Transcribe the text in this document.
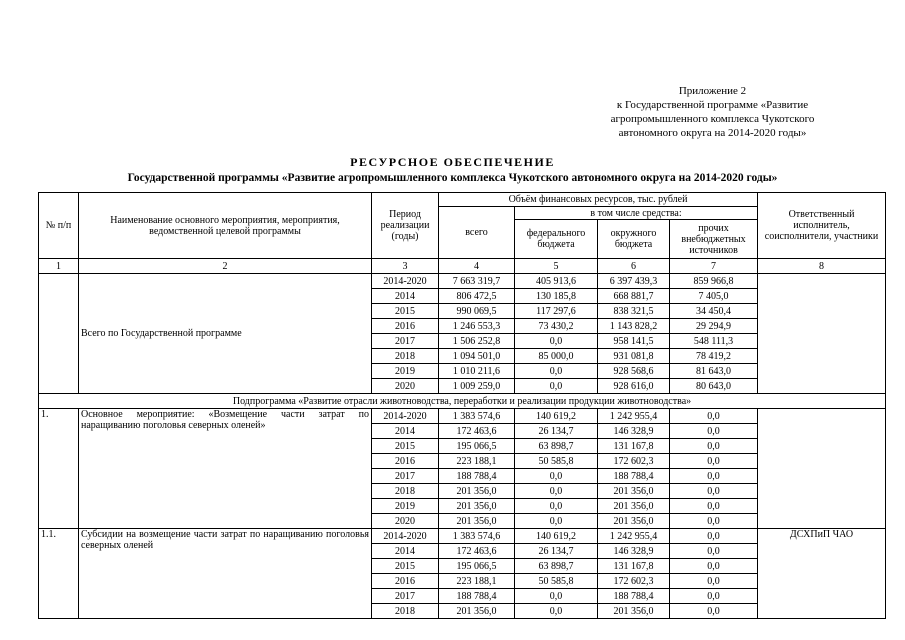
Приложение 2
к Государственной программе «Развитие
агропромышленного комплекса Чукотского
автономного округа на 2014-2020 годы»
РЕСУРСНОЕ ОБЕСПЕЧЕНИЕ
Государственной программы «Развитие агропромышленного комплекса Чукотского автономного округа на 2014-2020 годы»
№ п/п	Наименование основного мероприятия, мероприятия, ведомственной целевой программы	Период реализации (годы)	Объём финансовых ресурсов, тыс. рублей				Ответственный исполнитель, соисполнители, участники
			всего	в том числе средства:			
				федерального бюджета	окружного бюджета	прочих внебюджетных источников	
1	2	3	4	5	6	7	8
	Всего по Государственной программе	2014-2020	7 663 319,7	405 913,6	6 397 439,3	859 966,8	
		2014	806 472,5	130 185,8	668 881,7	7 405,0	
		2015	990 069,5	117 297,6	838 321,5	34 450,4	
		2016	1 246 553,3	73 430,2	1 143 828,2	29 294,9	
		2017	1 506 252,8	0,0	958 141,5	548 111,3	
		2018	1 094 501,0	85 000,0	931 081,8	78 419,2	
		2019	1 010 211,6	0,0	928 568,6	81 643,0	
		2020	1 009 259,0	0,0	928 616,0	80 643,0	
Подпрограмма «Развитие отрасли животноводства, переработки и реализации продукции животноводства»							
1.	Основное мероприятие: «Возмещение части затрат по наращиванию поголовья северных оленей»	2014-2020	1 383 574,6	140 619,2	1 242 955,4	0,0	
		2014	172 463,6	26 134,7	146 328,9	0,0	
		2015	195 066,5	63 898,7	131 167,8	0,0	
		2016	223 188,1	50 585,8	172 602,3	0,0	
		2017	188 788,4	0,0	188 788,4	0,0	
		2018	201 356,0	0,0	201 356,0	0,0	
		2019	201 356,0	0,0	201 356,0	0,0	
		2020	201 356,0	0,0	201 356,0	0,0	
1.1.	Субсидии на возмещение части затрат по наращиванию поголовья северных оленей	2014-2020	1 383 574,6	140 619,2	1 242 955,4	0,0	ДСХПиП ЧАО
		2014	172 463,6	26 134,7	146 328,9	0,0	
		2015	195 066,5	63 898,7	131 167,8	0,0	
		2016	223 188,1	50 585,8	172 602,3	0,0	
		2017	188 788,4	0,0	188 788,4	0,0	
		2018	201 356,0	0,0	201 356,0	0,0	
